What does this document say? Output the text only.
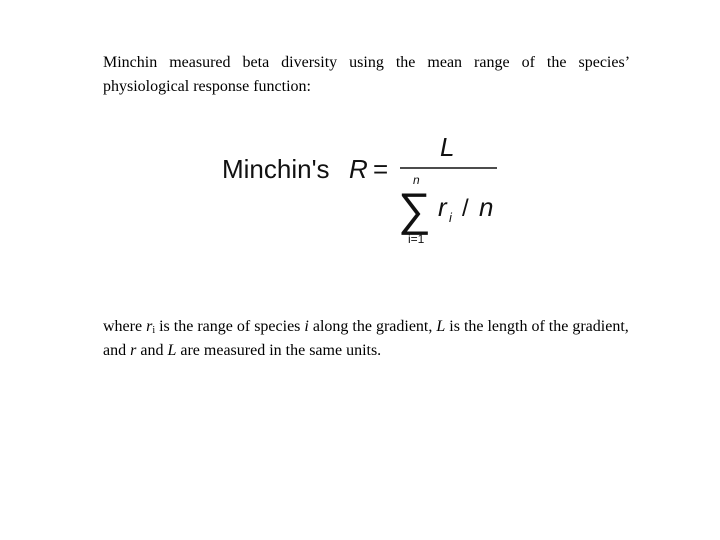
Minchin measured beta diversity using the mean range of the species’ physiological response function:
Minchin's R =
L
n
∑
i=1
r i / n
where $r_i$ is the range of species i along the gradient, L is the length of the gradient, and r and L are measured in the same units.
